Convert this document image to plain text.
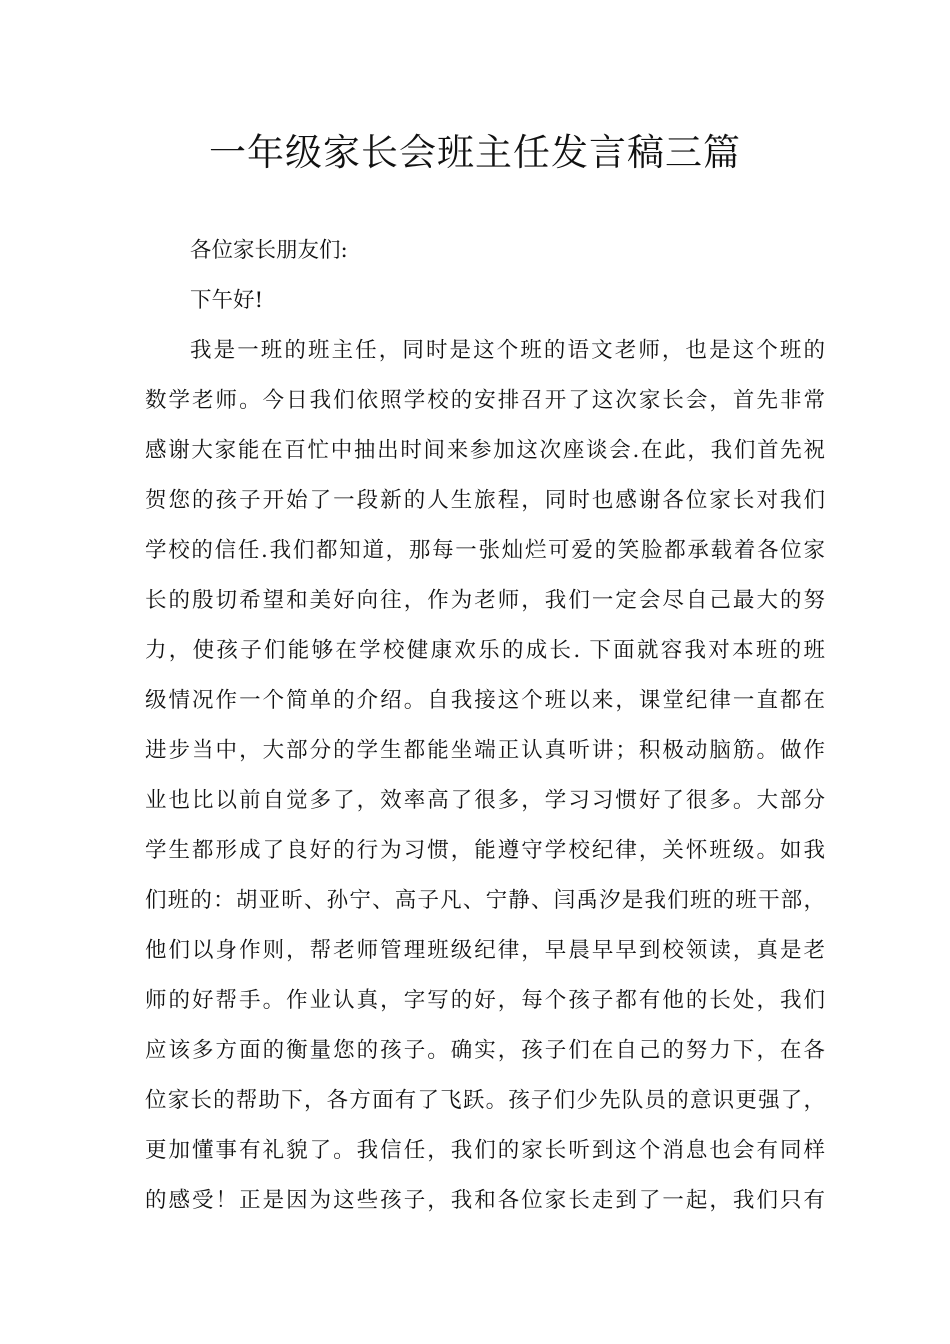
一年级家长会班主任发言稿三篇
各位家长朋友们:
下午好!
我是一班的班主任，同时是这个班的语文老师，也是这个班的
数学老师。今日我们依照学校的安排召开了这次家长会，首先非常
感谢大家能在百忙中抽出时间来参加这次座谈会.在此，我们首先祝
贺您的孩子开始了一段新的人生旅程，同时也感谢各位家长对我们
学校的信任.我们都知道，那每一张灿烂可爱的笑脸都承载着各位家
长的殷切希望和美好向往，作为老师，我们一定会尽自己最大的努
力，使孩子们能够在学校健康欢乐的成长. 下面就容我对本班的班
级情况作一个简单的介绍。自我接这个班以来，课堂纪律一直都在
进步当中，大部分的学生都能坐端正认真听讲；积极动脑筋。做作
业也比以前自觉多了，效率高了很多，学习习惯好了很多。大部分
学生都形成了良好的行为习惯，能遵守学校纪律，关怀班级。如我
们班的：胡亚昕、孙宁、高子凡、宁静、闫禹汐是我们班的班干部，
他们以身作则，帮老师管理班级纪律，早晨早早到校领读，真是老
师的好帮手。作业认真，字写的好，每个孩子都有他的长处，我们
应该多方面的衡量您的孩子。确实，孩子们在自己的努力下，在各
位家长的帮助下，各方面有了飞跃。孩子们少先队员的意识更强了，
更加懂事有礼貌了。我信任，我们的家长听到这个消息也会有同样
的感受！正是因为这些孩子，我和各位家长走到了一起，我们只有
